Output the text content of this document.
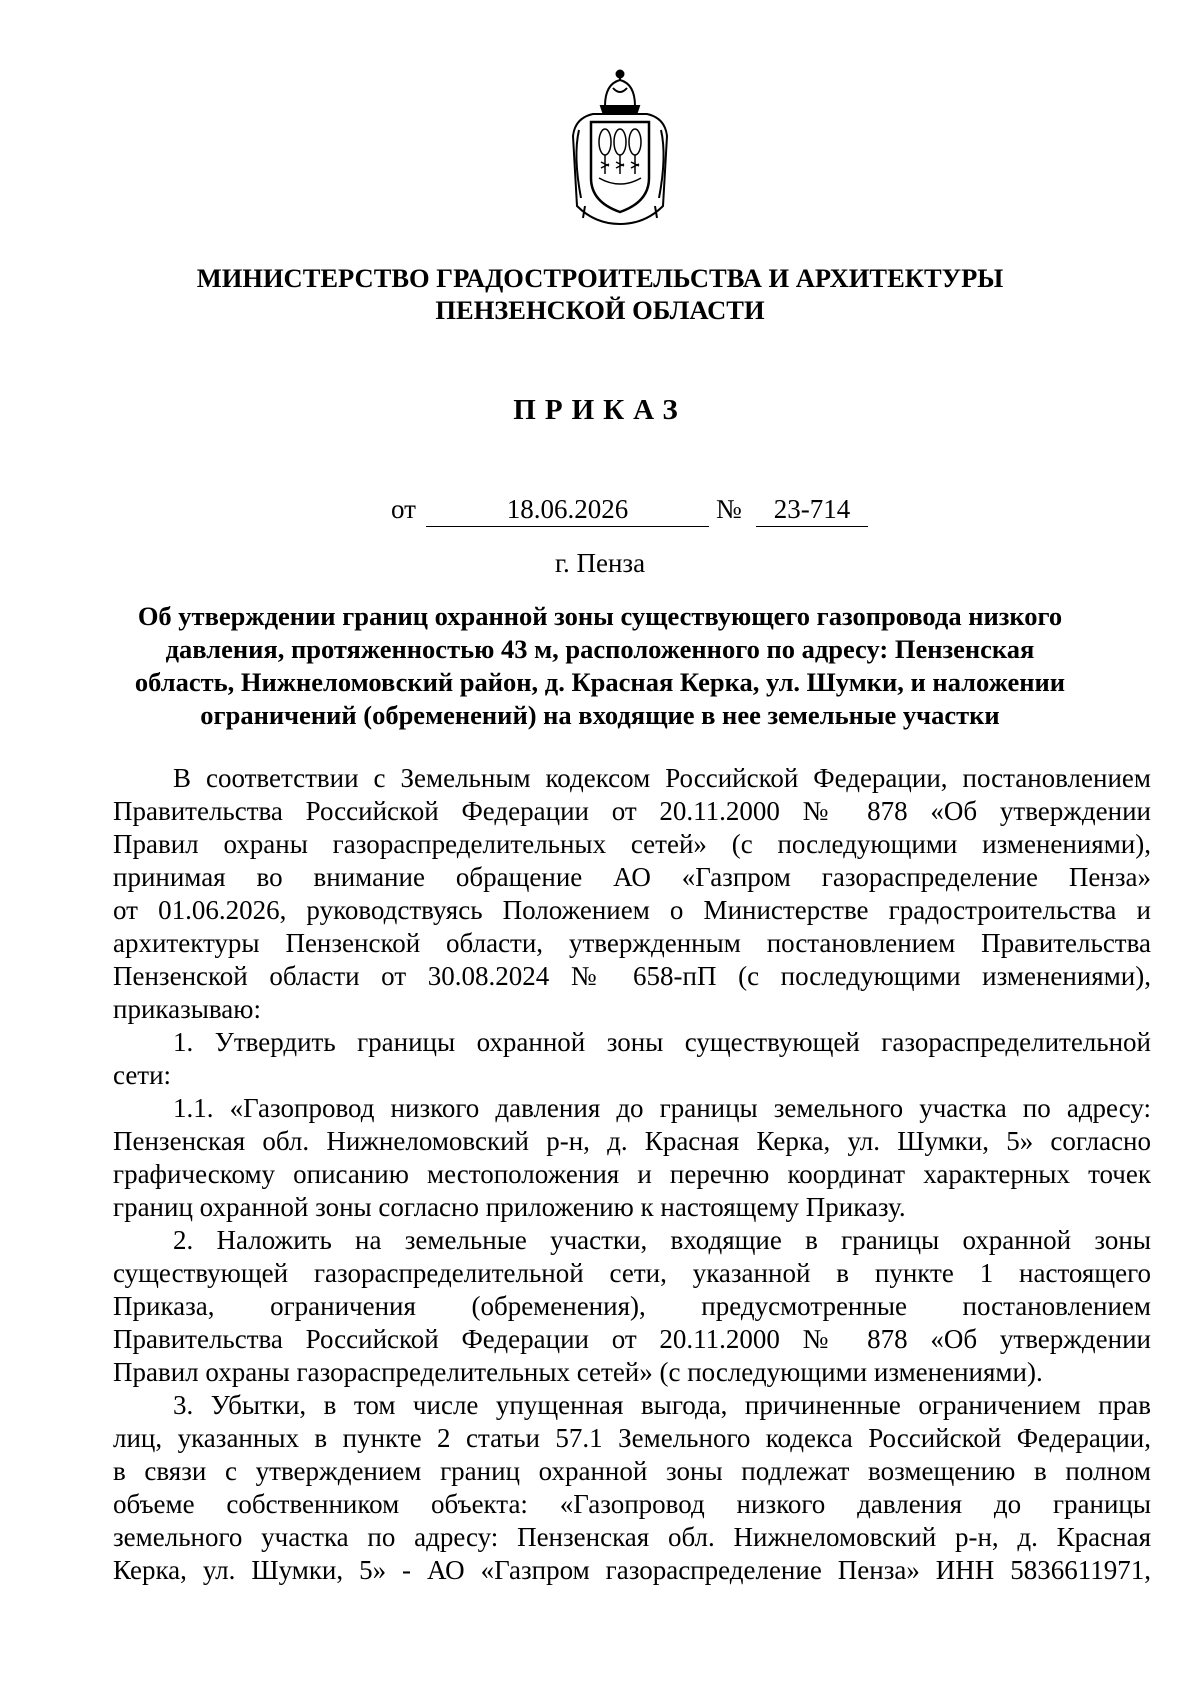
МИНИСТЕРСТВО ГРАДОСТРОИТЕЛЬСТВА И АРХИТЕКТУРЫ
ПЕНЗЕНСКОЙ ОБЛАСТИ
ПРИКАЗ
от	18.06.2026	№	23-714
г. Пенза
Об утверждении границ охранной зоны существующего газопровода низкого
давления, протяженностью 43 м, расположенного по адресу: Пензенская
область, Нижнеломовский район, д. Красная Керка, ул. Шумки, и наложении
ограничений (обременений) на входящие в нее земельные участки
В соответствии с Земельным кодексом Российской Федерации, постановлением
Правительства Российской Федерации от 20.11.2000 № 878 «Об утверждении
Правил охраны газораспределительных сетей» (с последующими изменениями),
принимая во внимание обращение АО «Газпром газораспределение Пенза»
от 01.06.2026, руководствуясь Положением о Министерстве градостроительства и
архитектуры Пензенской области, утвержденным постановлением Правительства
Пензенской области от 30.08.2024 № 658-пП (с последующими изменениями),
приказываю:
1. Утвердить границы охранной зоны существующей газораспределительной
сети:
1.1. «Газопровод низкого давления до границы земельного участка по адресу:
Пензенская обл. Нижнеломовский р-н, д. Красная Керка, ул. Шумки, 5» согласно
графическому описанию местоположения и перечню координат характерных точек
границ охранной зоны согласно приложению к настоящему Приказу.
2. Наложить на земельные участки, входящие в границы охранной зоны
существующей газораспределительной сети, указанной в пункте 1 настоящего
Приказа, ограничения (обременения), предусмотренные постановлением
Правительства Российской Федерации от 20.11.2000 № 878 «Об утверждении
Правил охраны газораспределительных сетей» (с последующими изменениями).
3. Убытки, в том числе упущенная выгода, причиненные ограничением прав
лиц, указанных в пункте 2 статьи 57.1 Земельного кодекса Российской Федерации,
в связи с утверждением границ охранной зоны подлежат возмещению в полном
объеме собственником объекта: «Газопровод низкого давления до границы
земельного участка по адресу: Пензенская обл. Нижнеломовский р-н, д. Красная
Керка, ул. Шумки, 5» - АО «Газпром газораспределение Пенза» ИНН 5836611971,
